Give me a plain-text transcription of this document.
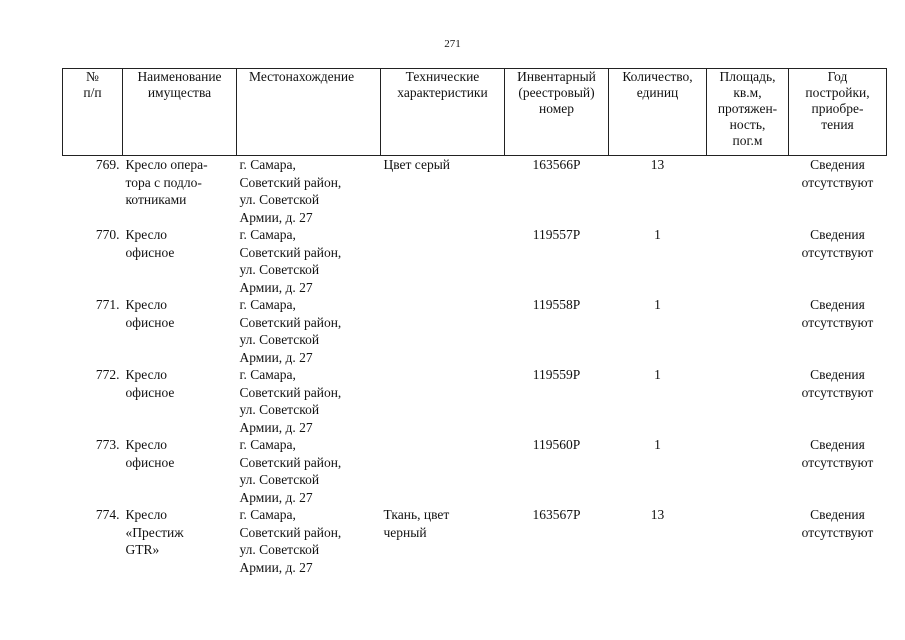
271
№
п/п	Наименование
имущества	Местонахождение	Технические
характеристики	Инвентарный
(реестровый)
номер	Количество,
единиц	Площадь,
кв.м,
протяжен-
ность,
пог.м	Год
постройки,
приобре-
тения
769.	Кресло опера-
тора с подло-
котниками	г. Самара,
Советский район,
ул. Советской
Армии, д. 27	Цвет серый	163566Р	13		Сведения
отсутствуют
770.	Кресло
офисное	г. Самара,
Советский район,
ул. Советской
Армии, д. 27		119557Р	1		Сведения
отсутствуют
771.	Кресло
офисное	г. Самара,
Советский район,
ул. Советской
Армии, д. 27		119558Р	1		Сведения
отсутствуют
772.	Кресло
офисное	г. Самара,
Советский район,
ул. Советской
Армии, д. 27		119559Р	1		Сведения
отсутствуют
773.	Кресло
офисное	г. Самара,
Советский район,
ул. Советской
Армии, д. 27		119560Р	1		Сведения
отсутствуют
774.	Кресло
«Престиж
GTR»	г. Самара,
Советский район,
ул. Советской
Армии, д. 27	Ткань, цвет
черный	163567Р	13		Сведения
отсутствуют
